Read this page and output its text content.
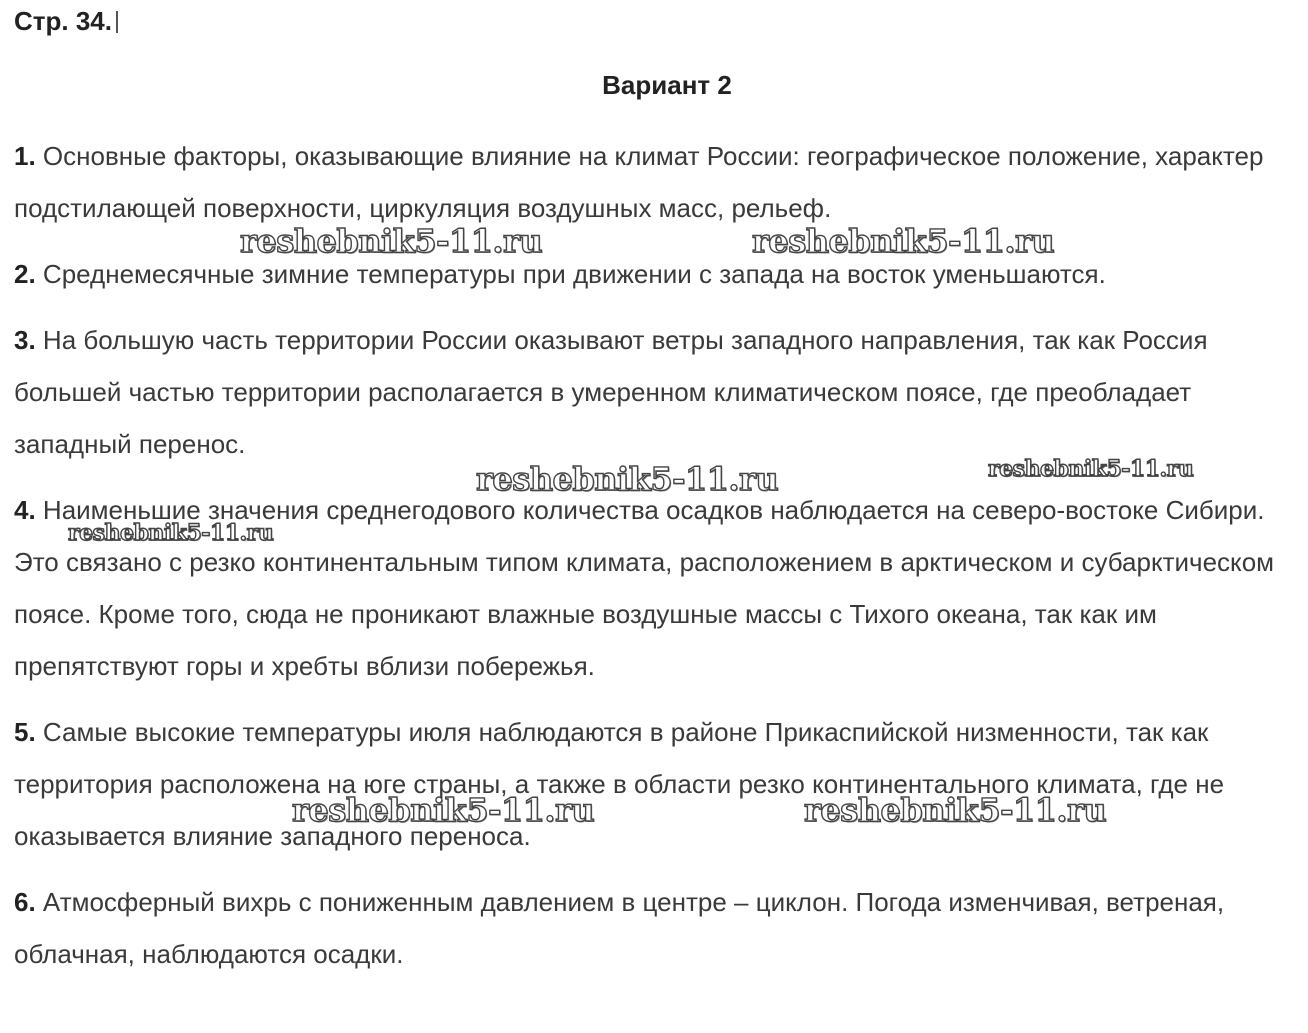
Стр. 34.
Вариант 2
1. Основные факторы, оказывающие влияние на климат России: географическое положение, характер подстилающей поверхности, циркуляция воздушных масс, рельеф.
2. Среднемесячные зимние температуры при движении с запада на восток уменьшаются.
3. На большую часть территории России оказывают ветры западного направления, так как Россия большей частью территории располагается в умеренном климатическом поясе, где преобладает западный перенос.
4. Наименьшие значения среднегодового количества осадков наблюдается на северо-востоке Сибири. Это связано с резко континентальным типом климата, расположением в арктическом и субарктическом поясе. Кроме того, сюда не проникают влажные воздушные массы с Тихого океана, так как им препятствуют горы и хребты вблизи побережья.
5. Самые высокие температуры июля наблюдаются в районе Прикаспийской низменности, так как территория расположена на юге страны, а также в области резко континентального климата, где не оказывается влияние западного переноса.
6. Атмосферный вихрь с пониженным давлением в центре – циклон. Погода изменчивая, ветреная, облачная, наблюдаются осадки.
reshebnik5-11.ru	reshebnik5-11.ru
reshebnik5-11.ru	reshebnik5-11.ru
reshebnik5-11.ru
reshebnik5-11.ru	reshebnik5-11.ru
